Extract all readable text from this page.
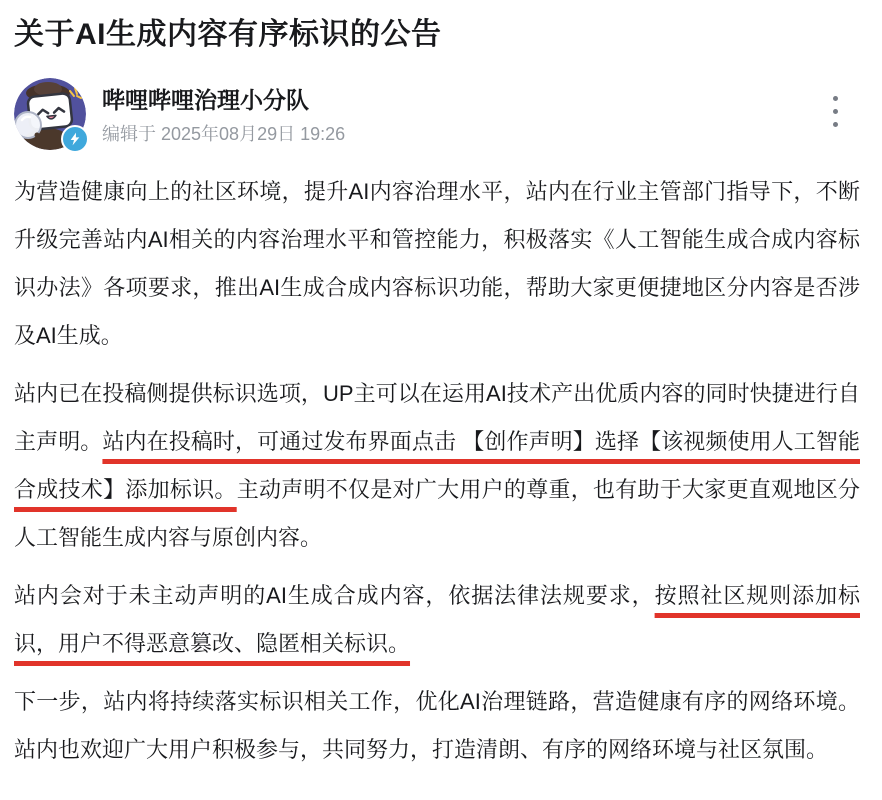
关于AI生成内容有序标识的公告
哔哩哔哩治理小分队
编辑于 2025年08月29日 19:26

为营造健康向上的社区环境，提升AI内容治理水平，站内在行业主管部门指导下，不断升级完善站内AI相关的内容治理水平和管控能力，积极落实《人工智能生成合成内容标识办法》各项要求，推出AI生成合成内容标识功能，帮助大家更便捷地区分内容是否涉及AI生成。

站内已在投稿侧提供标识选项，UP主可以在运用AI技术产出优质内容的同时快捷进行自主声明。站内在投稿时，可通过发布界面点击 【创作声明】选择【该视频使用人工智能合成技术】添加标识。主动声明不仅是对广大用户的尊重，也有助于大家更直观地区分人工智能生成内容与原创内容。

站内会对于未主动声明的AI生成合成内容，依据法律法规要求，按照社区规则添加标识，用户不得恶意篡改、隐匿相关标识。

下一步，站内将持续落实标识相关工作，优化AI治理链路，营造健康有序的网络环境。站内也欢迎广大用户积极参与，共同努力，打造清朗、有序的网络环境与社区氛围。
